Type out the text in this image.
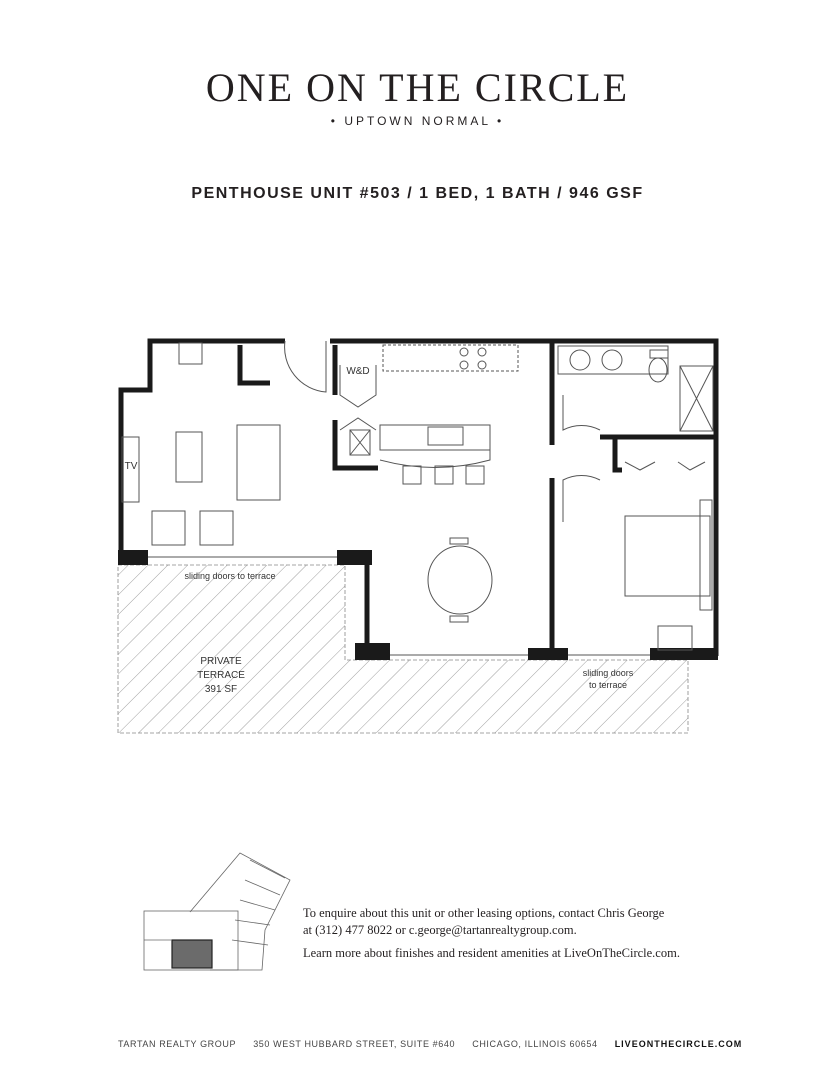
ONE ON THE CIRCLE
• UPTOWN NORMAL •
PENTHOUSE UNIT #503 / 1 BED, 1 BATH / 946 GSF
TV
W&D
sliding doors to terrace
sliding doors
to terrace
PRIVATE
TERRACE
391 SF
To enquire about this unit or other leasing options, contact Chris George
at (312) 477 8022 or c.george@tartanrealtygroup.com.
Learn more about finishes and resident amenities at LiveOnTheCircle.com.
TARTAN REALTY GROUP 350 WEST HUBBARD STREET, SUITE #640 CHICAGO, ILLINOIS 60654 LIVEONTHECIRCLE.COM
